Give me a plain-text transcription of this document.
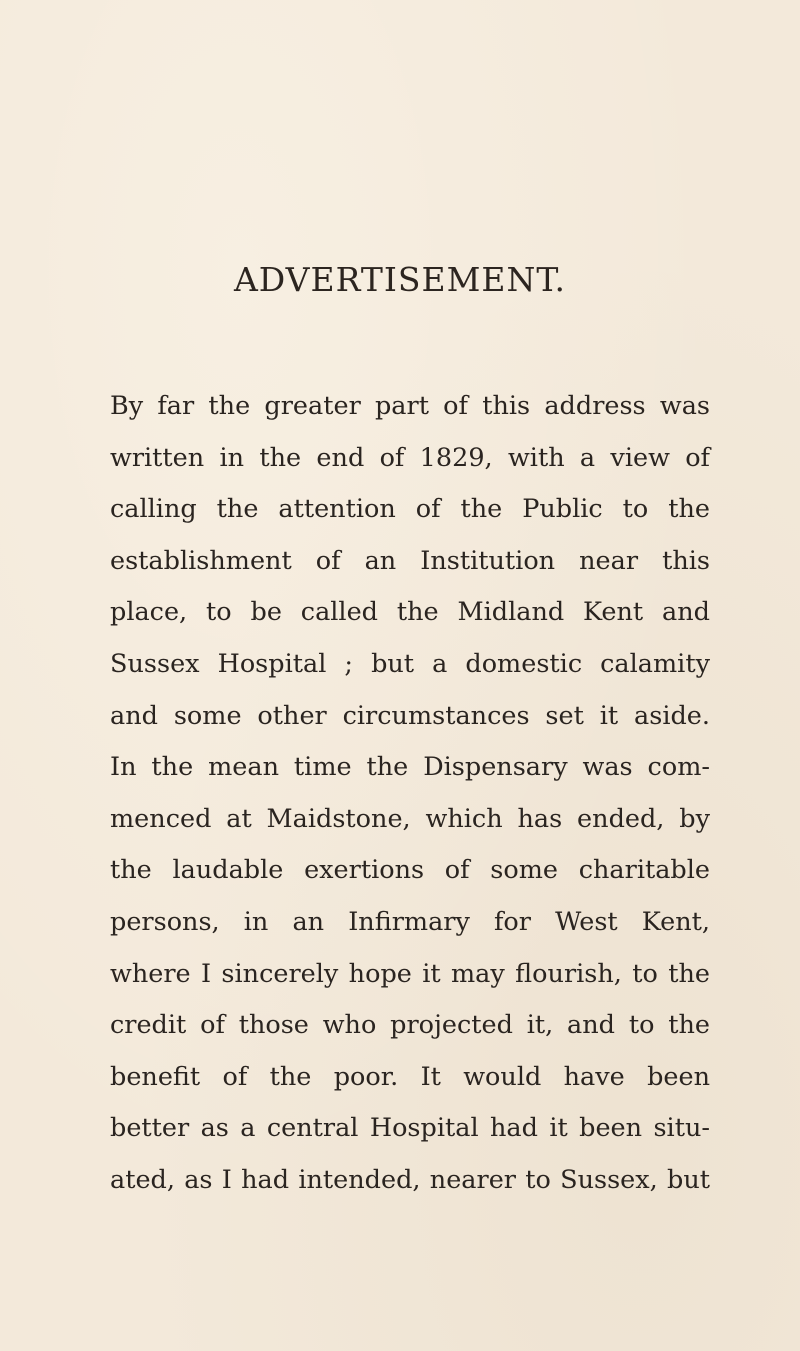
ADVERTISEMENT.
By far the greater part of this address was
written in the end of 1829, with a view of
calling the attention of the Public to the
establishment of an Institution near this
place, to be called the Midland Kent and
Sussex Hospital ; but a domestic calamity
and some other circumstances set it aside.
In the mean time the Dispensary was com-
menced at Maidstone, which has ended, by
the laudable exertions of some charitable
persons, in an Infirmary for West Kent,
where I sincerely hope it may flourish, to the
credit of those who projected it, and to the
benefit of the poor. It would have been
better as a central Hospital had it been situ-
ated, as I had intended, nearer to Sussex, but
